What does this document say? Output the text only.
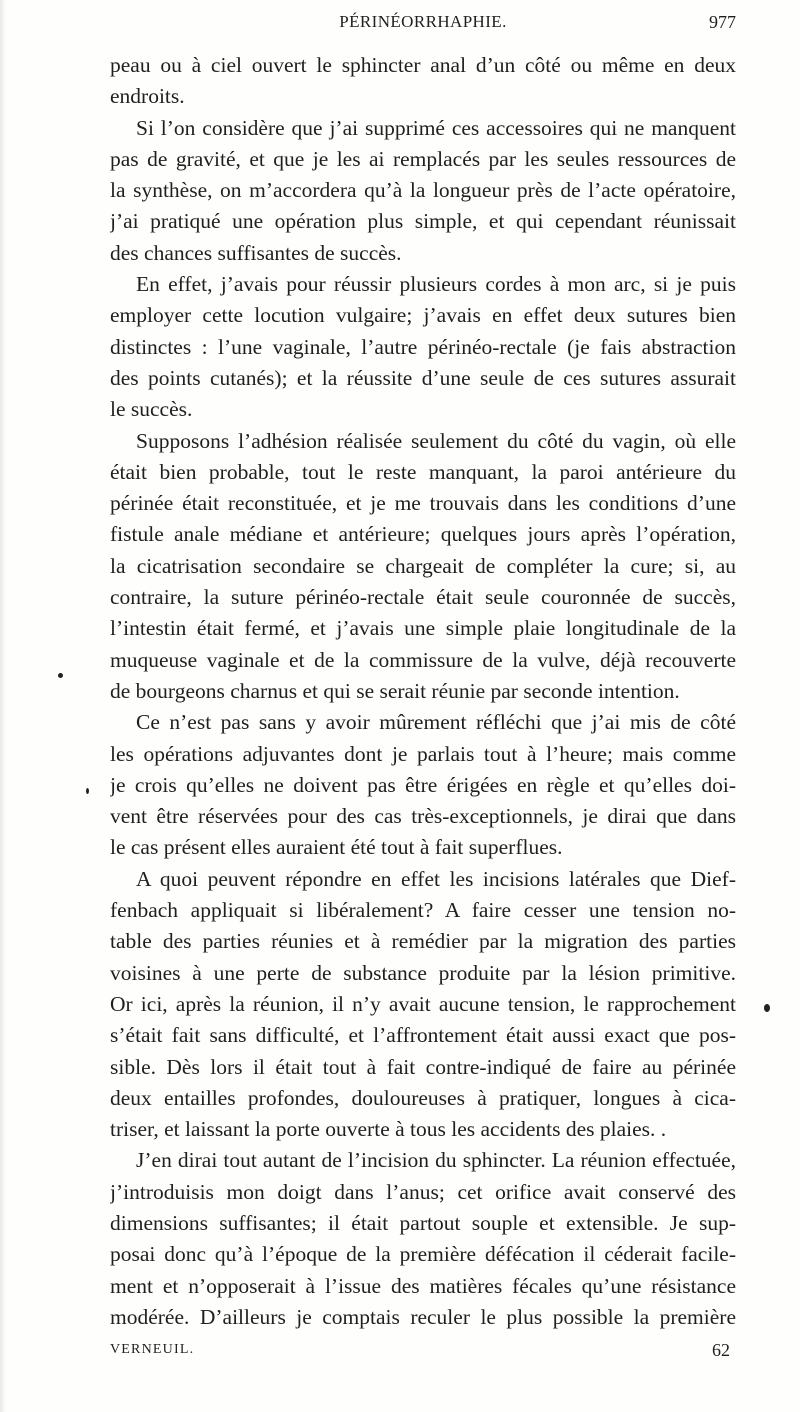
PÉRINÉORRHAPHIE.	977
peau ou à ciel ouvert le sphincter anal d’un côté ou même en deux
endroits.
Si l’on considère que j’ai supprimé ces accessoires qui ne manquent
pas de gravité, et que je les ai remplacés par les seules ressources de
la synthèse, on m’accordera qu’à la longueur près de l’acte opératoire,
j’ai pratiqué une opération plus simple, et qui cependant réunissait
des chances suffisantes de succès.
En effet, j’avais pour réussir plusieurs cordes à mon arc, si je puis
employer cette locution vulgaire; j’avais en effet deux sutures bien
distinctes : l’une vaginale, l’autre périnéo-rectale (je fais abstraction
des points cutanés); et la réussite d’une seule de ces sutures assurait
le succès.
Supposons l’adhésion réalisée seulement du côté du vagin, où elle
était bien probable, tout le reste manquant, la paroi antérieure du
périnée était reconstituée, et je me trouvais dans les conditions d’une
fistule anale médiane et antérieure; quelques jours après l’opération,
la cicatrisation secondaire se chargeait de compléter la cure; si, au
contraire, la suture périnéo-rectale était seule couronnée de succès,
l’intestin était fermé, et j’avais une simple plaie longitudinale de la
muqueuse vaginale et de la commissure de la vulve, déjà recouverte
de bourgeons charnus et qui se serait réunie par seconde intention.
Ce n’est pas sans y avoir mûrement réfléchi que j’ai mis de côté
les opérations adjuvantes dont je parlais tout à l’heure; mais comme
je crois qu’elles ne doivent pas être érigées en règle et qu’elles doi-
vent être réservées pour des cas très-exceptionnels, je dirai que dans
le cas présent elles auraient été tout à fait superflues.
A quoi peuvent répondre en effet les incisions latérales que Dief-
fenbach appliquait si libéralement? A faire cesser une tension no-
table des parties réunies et à remédier par la migration des parties
voisines à une perte de substance produite par la lésion primitive.
Or ici, après la réunion, il n’y avait aucune tension, le rapprochement
s’était fait sans difficulté, et l’affrontement était aussi exact que pos-
sible. Dès lors il était tout à fait contre-indiqué de faire au périnée
deux entailles profondes, douloureuses à pratiquer, longues à cica-
triser, et laissant la porte ouverte à tous les accidents des plaies. .
J’en dirai tout autant de l’incision du sphincter. La réunion effectuée,
j’introduisis mon doigt dans l’anus; cet orifice avait conservé des
dimensions suffisantes; il était partout souple et extensible. Je sup-
posai donc qu’à l’époque de la première défécation il céderait facile-
ment et n’opposerait à l’issue des matières fécales qu’une résistance
modérée. D’ailleurs je comptais reculer le plus possible la première
VERNEUIL.	62
